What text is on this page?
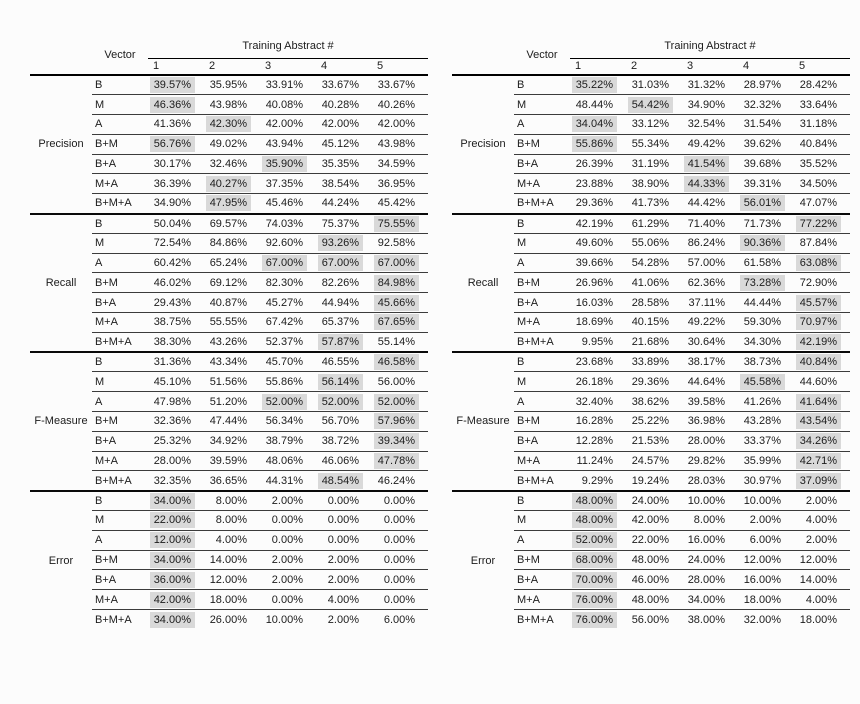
	Vector	Training Abstract #				
		1	2	3	4	5
Precision	B	39.57%	35.95%	33.91%	33.67%	33.67%
	M	46.36%	43.98%	40.08%	40.28%	40.26%
	A	41.36%	42.30%	42.00%	42.00%	42.00%
	B+M	56.76%	49.02%	43.94%	45.12%	43.98%
	B+A	30.17%	32.46%	35.90%	35.35%	34.59%
	M+A	36.39%	40.27%	37.35%	38.54%	36.95%
	B+M+A	34.90%	47.95%	45.46%	44.24%	45.42%
Recall	B	50.04%	69.57%	74.03%	75.37%	75.55%
	M	72.54%	84.86%	92.60%	93.26%	92.58%
	A	60.42%	65.24%	67.00%	67.00%	67.00%
	B+M	46.02%	69.12%	82.30%	82.26%	84.98%
	B+A	29.43%	40.87%	45.27%	44.94%	45.66%
	M+A	38.75%	55.55%	67.42%	65.37%	67.65%
	B+M+A	38.30%	43.26%	52.37%	57.87%	55.14%
F-Measure	B	31.36%	43.34%	45.70%	46.55%	46.58%
	M	45.10%	51.56%	55.86%	56.14%	56.00%
	A	47.98%	51.20%	52.00%	52.00%	52.00%
	B+M	32.36%	47.44%	56.34%	56.70%	57.96%
	B+A	25.32%	34.92%	38.79%	38.72%	39.34%
	M+A	28.00%	39.59%	48.06%	46.06%	47.78%
	B+M+A	32.35%	36.65%	44.31%	48.54%	46.24%
Error	B	34.00%	8.00%	2.00%	0.00%	0.00%
	M	22.00%	8.00%	0.00%	0.00%	0.00%
	A	12.00%	4.00%	0.00%	0.00%	0.00%
	B+M	34.00%	14.00%	2.00%	2.00%	0.00%
	B+A	36.00%	12.00%	2.00%	2.00%	0.00%
	M+A	42.00%	18.00%	0.00%	4.00%	0.00%
	B+M+A	34.00%	26.00%	10.00%	2.00%	6.00%
	Vector	Training Abstract #				
		1	2	3	4	5
Precision	B	35.22%	31.03%	31.32%	28.97%	28.42%
	M	48.44%	54.42%	34.90%	32.32%	33.64%
	A	34.04%	33.12%	32.54%	31.54%	31.18%
	B+M	55.86%	55.34%	49.42%	39.62%	40.84%
	B+A	26.39%	31.19%	41.54%	39.68%	35.52%
	M+A	23.88%	38.90%	44.33%	39.31%	34.50%
	B+M+A	29.36%	41.73%	44.42%	56.01%	47.07%
Recall	B	42.19%	61.29%	71.40%	71.73%	77.22%
	M	49.60%	55.06%	86.24%	90.36%	87.84%
	A	39.66%	54.28%	57.00%	61.58%	63.08%
	B+M	26.96%	41.06%	62.36%	73.28%	72.90%
	B+A	16.03%	28.58%	37.11%	44.44%	45.57%
	M+A	18.69%	40.15%	49.22%	59.30%	70.97%
	B+M+A	9.95%	21.68%	30.64%	34.30%	42.19%
F-Measure	B	23.68%	33.89%	38.17%	38.73%	40.84%
	M	26.18%	29.36%	44.64%	45.58%	44.60%
	A	32.40%	38.62%	39.58%	41.26%	41.64%
	B+M	16.28%	25.22%	36.98%	43.28%	43.54%
	B+A	12.28%	21.53%	28.00%	33.37%	34.26%
	M+A	11.24%	24.57%	29.82%	35.99%	42.71%
	B+M+A	9.29%	19.24%	28.03%	30.97%	37.09%
Error	B	48.00%	24.00%	10.00%	10.00%	2.00%
	M	48.00%	42.00%	8.00%	2.00%	4.00%
	A	52.00%	22.00%	16.00%	6.00%	2.00%
	B+M	68.00%	48.00%	24.00%	12.00%	12.00%
	B+A	70.00%	46.00%	28.00%	16.00%	14.00%
	M+A	76.00%	48.00%	34.00%	18.00%	4.00%
	B+M+A	76.00%	56.00%	38.00%	32.00%	18.00%
